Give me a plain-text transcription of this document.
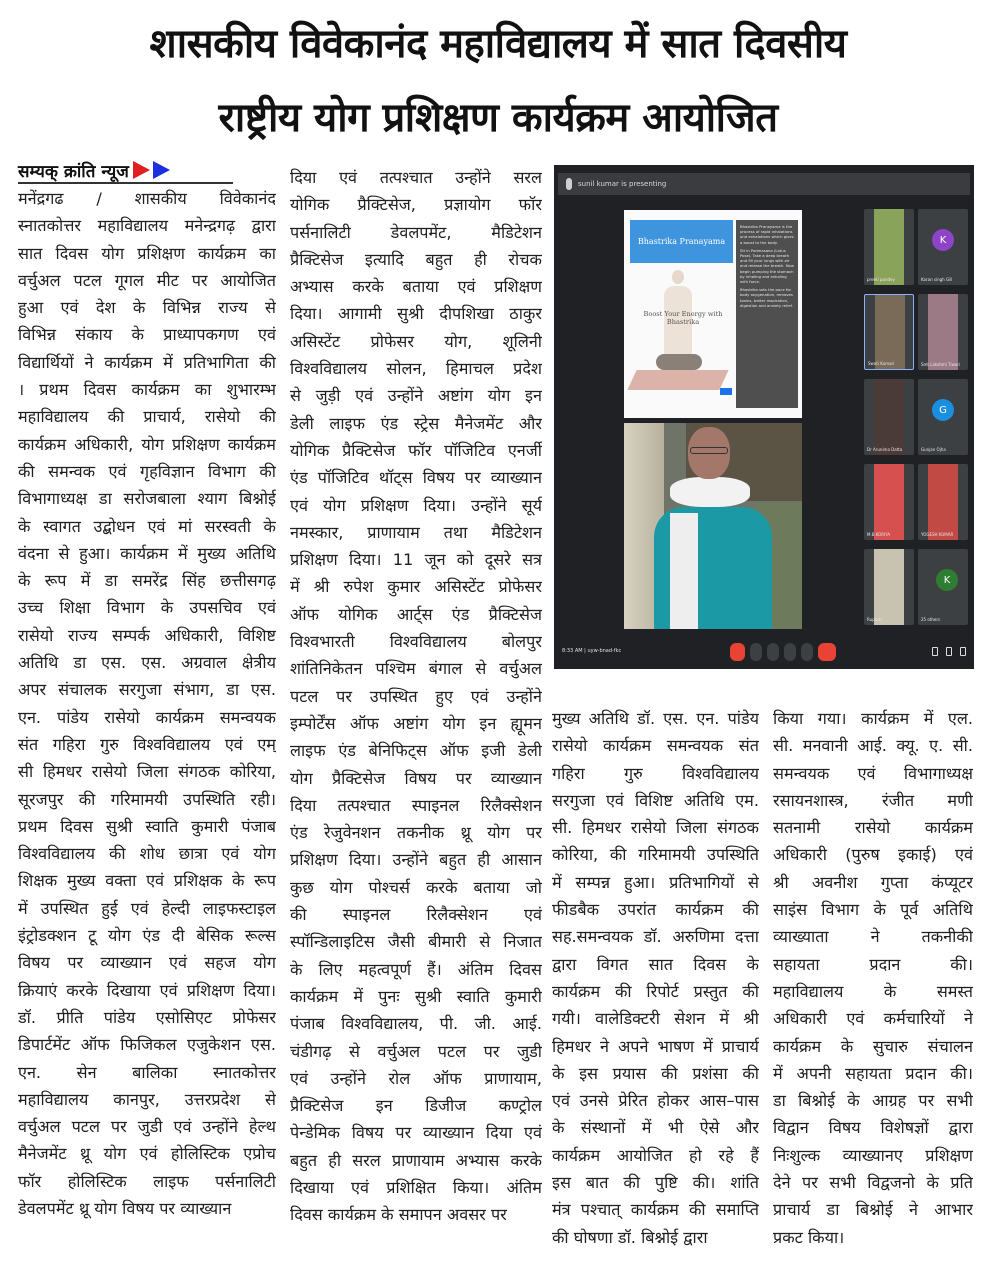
शासकीय विवेकानंद महाविद्यालय में सात दिवसीय
राष्ट्रीय योग प्रशिक्षण कार्यक्रम आयोजित
सम्यक् क्रांति न्यूज

मनेंद्रगढ / शासकीय विवेकानंद

स्नातकोत्तर महाविद्यालय मनेन्द्रगढ़ द्वारा

सात दिवस योग प्रशिक्षण कार्यक्रम का

वर्चुअल पटल गूगल मीट पर आयोजित

हुआ एवं देश के विभिन्न राज्य से

विभिन्न संकाय के प्राध्यापकगण एवं

विद्यार्थियों ने कार्यक्रम में प्रतिभागिता की

। प्रथम दिवस कार्यक्रम का शुभारम्भ

महाविद्यालय की प्राचार्य, रासेयो की

कार्यक्रम अधिकारी, योग प्रशिक्षण कार्यक्रम

की समन्वक एवं गृहविज्ञान विभाग की

विभागाध्यक्ष डा सरोजबाला श्याग बिश्नोई

के स्वागत उद्बोधन एवं मां सरस्वती के

वंदना से हुआ। कार्यक्रम में मुख्य अतिथि

के रूप में डा समरेंद्र सिंह छत्तीसगढ़

उच्च शिक्षा विभाग के उपसचिव एवं

रासेयो राज्य सम्पर्क अधिकारी, विशिष्ट

अतिथि डा एस. एस. अग्रवाल क्षेत्रीय

अपर संचालक सरगुजा संभाग, डा एस.

एन. पांडेय रासेयो कार्यक्रम समन्वयक

संत गहिरा गुरु विश्वविद्यालय एवं एम्

सी हिमधर रासेयो जिला संगठक कोरिया,

सूरजपुर की गरिमामयी उपस्थिति रही।

प्रथम दिवस सुश्री स्वाति कुमारी पंजाब

विश्वविद्यालय की शोध छात्रा एवं योग

शिक्षक मुख्य वक्ता एवं प्रशिक्षक के रूप

में उपस्थित हुई एवं हेल्दी लाइफस्टाइल

इंट्रोडक्शन टू योग एंड दी बेसिक रूल्स

विषय पर व्याख्यान एवं सहज योग

क्रियाएं करके दिखाया एवं प्रशिक्षण दिया।

डॉ. प्रीति पांडेय एसोसिएट प्रोफेसर

डिपार्टमेंट ऑफ फिजिकल एजुकेशन एस.

एन. सेन बालिका स्नातकोत्तर

महाविद्यालय कानपुर, उत्तरप्रदेश से

वर्चुअल पटल पर जुडी एवं उन्होंने हेल्थ

मैनेजमेंट थ्रू योग एवं होलिस्टिक एप्रोच

फॉर होलिस्टिक लाइफ पर्सनालिटी

डेवलपमेंट थ्रू योग विषय पर व्याख्यान

दिया एवं तत्पश्चात उन्होंने सरल

योगिक प्रैक्टिसेज, प्रज्ञायोग फॉर

पर्सनालिटी डेवलपमेंट, मैडिटेशन

प्रैक्टिसेज इत्यादि बहुत ही रोचक

अभ्यास करके बताया एवं प्रशिक्षण

दिया। आगामी सुश्री दीपशिखा ठाकुर

असिस्टेंट प्रोफेसर योग, शूलिनी

विश्वविद्यालय सोलन, हिमाचल प्रदेश

से जुड़ी एवं उन्होंने अष्टांग योग इन

डेली लाइफ एंड स्ट्रेस मैनेजमेंट और

योगिक प्रैक्टिसेज फॉर पॉजिटिव एनर्जी

एंड पॉजिटिव थॉट्स विषय पर व्याख्यान

एवं योग प्रशिक्षण दिया। उन्होंने सूर्य

नमस्कार, प्राणायाम तथा मैडिटेशन

प्रशिक्षण दिया। 11 जून को दूसरे सत्र

में श्री रुपेश कुमार असिस्टेंट प्रोफेसर

ऑफ योगिक आर्ट्स एंड प्रैक्टिसेज

विश्वभारती विश्वविद्यालय बोलपुर

शांतिनिकेतन पश्चिम बंगाल से वर्चुअल

पटल पर उपस्थित हुए एवं उन्होंने

इम्पोर्टेंस ऑफ अष्टांग योग इन ह्यूमन

लाइफ एंड बेनिफिट्स ऑफ इजी डेली

योग प्रैक्टिसेज विषय पर व्याख्यान

दिया तत्पश्चात स्पाइनल रिलैक्सेशन

एंड रेजुवेनशन तकनीक थ्रू योग पर

प्रशिक्षण दिया। उन्होंने बहुत ही आसान

कुछ योग पोश्चर्स करके बताया जो

की स्पाइनल रिलैक्सेशन एवं

स्पॉन्डिलाइटिस जैसी बीमारी से निजात

के लिए महत्वपूर्ण हैं। अंतिम दिवस

कार्यक्रम में पुनः सुश्री स्वाति कुमारी

पंजाब विश्वविद्यालय, पी. जी. आई.

चंडीगढ़ से वर्चुअल पटल पर जुडी

एवं उन्होंने रोल ऑफ प्राणायाम,

प्रैक्टिसेज इन डिजीज कण्ट्रोल

पेन्डेमिक विषय पर व्याख्यान दिया एवं

बहुत ही सरल प्राणायाम अभ्यास करके

दिखाया एवं प्रशिक्षित किया। अंतिम

दिवस कार्यक्रम के समापन अवसर पर

मुख्य अतिथि डॉ. एस. एन. पांडेय

रासेयो कार्यक्रम समन्वयक संत

गहिरा गुरु विश्वविद्यालय

सरगुजा एवं विशिष्ट अतिथि एम.

सी. हिमधर रासेयो जिला संगठक

कोरिया, की गरिमामयी उपस्थिति

में सम्पन्न हुआ। प्रतिभागियों से

फीडबैक उपरांत कार्यक्रम की

सह.समन्वयक डॉ. अरुणिमा दत्ता

द्वारा विगत सात दिवस के

कार्यक्रम की रिपोर्ट प्रस्तुत की

गयी। वालेडिक्टरी सेशन में श्री

हिमधर ने अपने भाषण में प्राचार्य

के इस प्रयास की प्रशंसा की

एवं उनसे प्रेरित होकर आस–पास

के संस्थानों में भी ऐसे और

कार्यक्रम आयोजित हो रहे हैं

इस बात की पुष्टि की। शांति

मंत्र पश्चात् कार्यक्रम की समाप्ति

की घोषणा डॉ. बिश्नोई द्वारा

किया गया। कार्यक्रम में एल.

सी. मनवानी आई. क्यू. ए. सी.

समन्वयक एवं विभागाध्यक्ष

रसायनशास्त्र, रंजीत मणी

सतनामी रासेयो कार्यक्रम

अधिकारी (पुरुष इकाई) एवं

श्री अवनीश गुप्ता कंप्यूटर

साइंस विभाग के पूर्व अतिथि

व्याख्याता	ने	तकनीकी

सहायता	प्रदान	की।

महाविद्यालय के समस्त

अधिकारी एवं कर्मचारियों ने

कार्यक्रम के सुचारु संचालन

में अपनी सहायता प्रदान की।

डा बिश्नोई के आग्रह पर सभी

विद्वान विषय विशेषज्ञों द्वारा

निःशुल्क व्याख्यानए प्रशिक्षण

देने पर सभी विद्वजनो के प्रति

प्राचार्य डा बिश्नोई ने आभार

प्रकट किया।

sunil kumar is presenting
Bhastrika Pranayama
Boost Your Energy with Bhastrika
Bhastrika Pranayama is the process of rapid inhalations and exhalations which gives a boost to the body.
Sit in Padmasana (Lotus Pose). Take a deep breath and fill your lungs with air and release the breath. Now begin pumping the stomach by inhaling and exhaling with force.
Bhastrika sets the pace for body oxygenation, removes toxins, better respiration, digestion and anxiety relief.
preeti pandey
K
Karan singh Gill
Swati Kumari	Smt.Lakshmi Tiwari
Dr Arunima Datta
G
Gunjan Ojha
M.B.KORIYA	YOGESH KUMAR
Rupesh
K
25 others
8:33 AM | uyw-bnad-fkc
